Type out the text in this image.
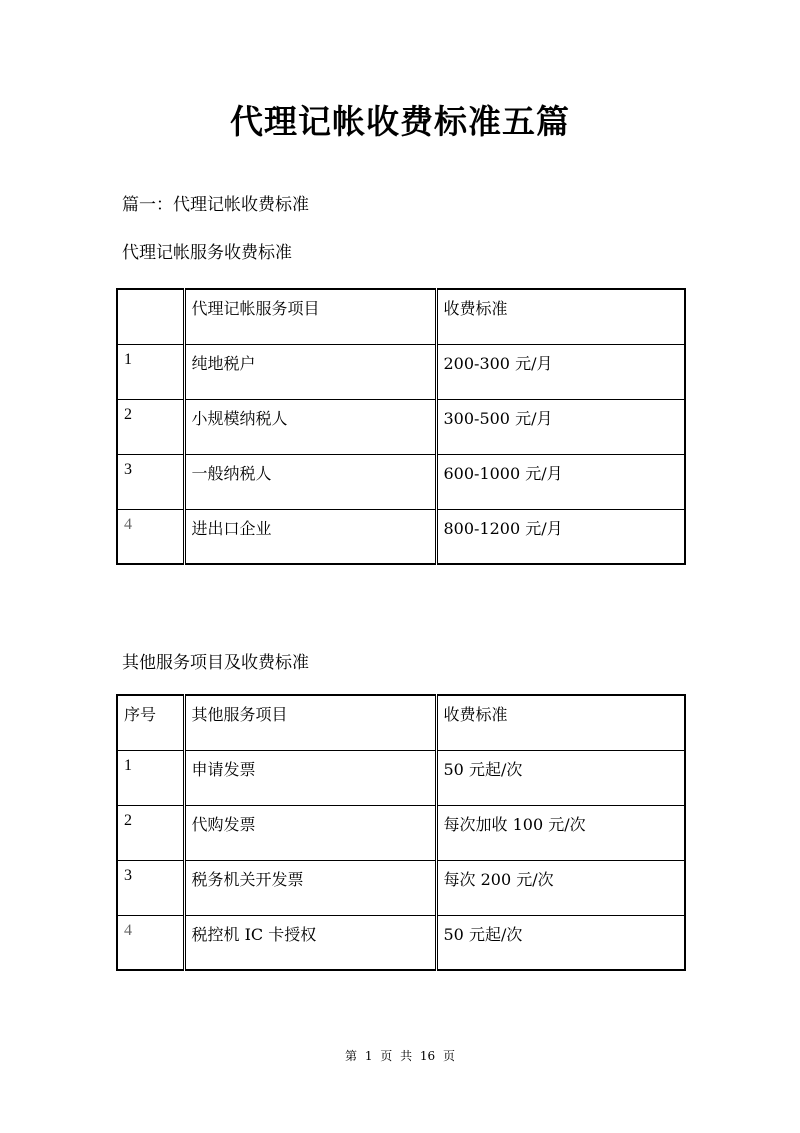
代理记帐收费标准五篇
篇一：代理记帐收费标准
代理记帐服务收费标准
	代理记帐服务项目	收费标准
1	纯地税户	200-300 元/月
2	小规模纳税人	300-500 元/月
3	一般纳税人	600-1000 元/月
4	进出口企业	800-1200 元/月
其他服务项目及收费标准
序号	其他服务项目	收费标准
1	申请发票	50 元起/次
2	代购发票	每次加收 100 元/次
3	税务机关开发票	每次 200 元/次
4	税控机 IC 卡授权	50 元起/次
第 1 页 共 16 页
